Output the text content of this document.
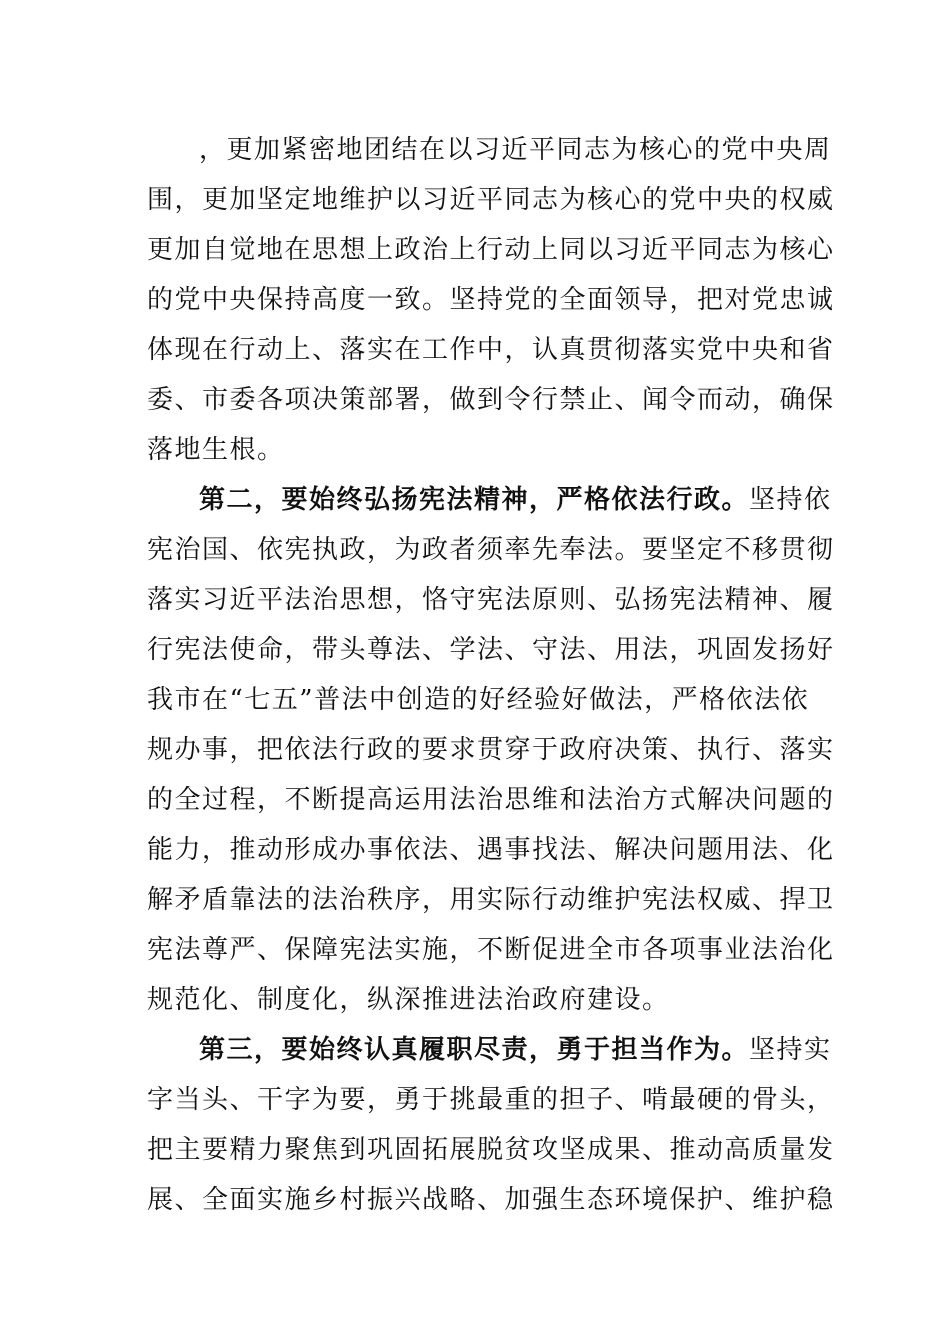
，更加紧密地团结在以习近平同志为核心的党中央周
围，更加坚定地维护以习近平同志为核心的党中央的权威
更加自觉地在思想上政治上行动上同以习近平同志为核心
的党中央保持高度一致。坚持党的全面领导，把对党忠诚
体现在行动上、落实在工作中，认真贯彻落实党中央和省
委、市委各项决策部署，做到令行禁止、闻令而动，确保
落地生根。
第二，要始终弘扬宪法精神，严格依法行政。坚持依
宪治国、依宪执政，为政者须率先奉法。要坚定不移贯彻
落实习近平法治思想，恪守宪法原则、弘扬宪法精神、履
行宪法使命，带头尊法、学法、守法、用法，巩固发扬好
我市在“七五”普法中创造的好经验好做法，严格依法依
规办事，把依法行政的要求贯穿于政府决策、执行、落实
的全过程，不断提高运用法治思维和法治方式解决问题的
能力，推动形成办事依法、遇事找法、解决问题用法、化
解矛盾靠法的法治秩序，用实际行动维护宪法权威、捍卫
宪法尊严、保障宪法实施，不断促进全市各项事业法治化
规范化、制度化，纵深推进法治政府建设。
第三，要始终认真履职尽责，勇于担当作为。坚持实
字当头、干字为要，勇于挑最重的担子、啃最硬的骨头，
把主要精力聚焦到巩固拓展脱贫攻坚成果、推动高质量发
展、全面实施乡村振兴战略、加强生态环境保护、维护稳
